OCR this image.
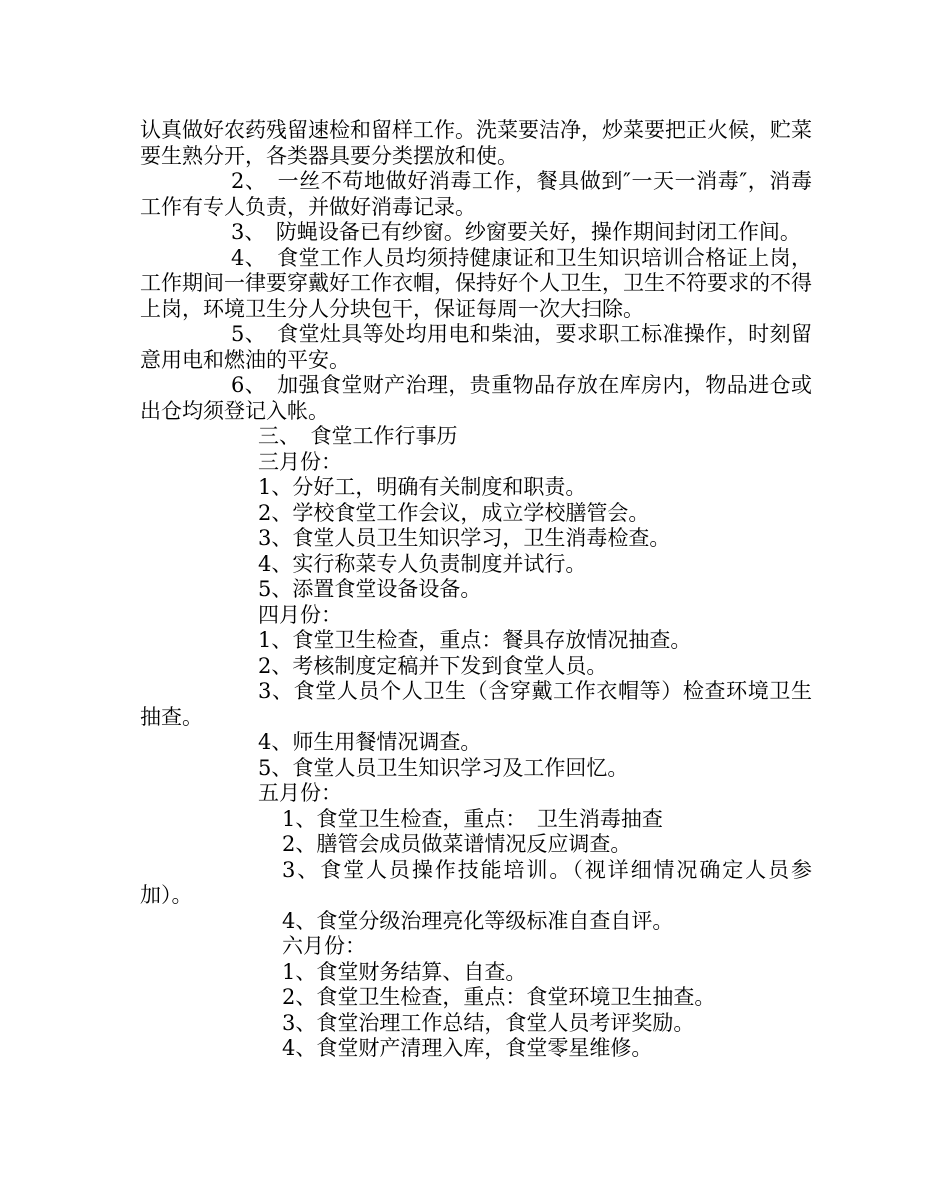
认真做好农药残留速检和留样工作。洗菜要洁净，炒菜要把正火候，贮菜要生熟分开，各类器具要分类摆放和使。

2、　一丝不苟地做好消毒工作，餐具做到″一天一消毒″，消毒工作有专人负责，并做好消毒记录。

3、　防蝇设备已有纱窗。纱窗要关好，操作期间封闭工作间。

4、　食堂工作人员均须持健康证和卫生知识培训合格证上岗，工作期间一律要穿戴好工作衣帽，保持好个人卫生，卫生不符要求的不得上岗，环境卫生分人分块包干，保证每周一次大扫除。

5、　食堂灶具等处均用电和柴油，要求职工标准操作，时刻留意用电和燃油的平安。

6、　加强食堂财产治理，贵重物品存放在库房内，物品进仓或出仓均须登记入帐。

三、　食堂工作行事历

三月份：

1、分好工，明确有关制度和职责。

2、学校食堂工作会议，成立学校膳管会。

3、食堂人员卫生知识学习，卫生消毒检查。

4、实行称菜专人负责制度并试行。

5、添置食堂设备设备。

四月份：

1、食堂卫生检查，重点：餐具存放情况抽查。

2、考核制度定稿并下发到食堂人员。

3、食堂人员个人卫生（含穿戴工作衣帽等）检查环境卫生抽查。

4、师生用餐情况调查。

5、食堂人员卫生知识学习及工作回忆。

五月份：

1、食堂卫生检查，重点：　卫生消毒抽查

2、膳管会成员做菜谱情况反应调查。

3、食堂人员操作技能培训。（视详细情况确定人员参加）。

4、食堂分级治理亮化等级标准自查自评。

六月份：

1、食堂财务结算、自查。

2、食堂卫生检查，重点：食堂环境卫生抽查。

3、食堂治理工作总结，食堂人员考评奖励。

4、食堂财产清理入库，食堂零星维修。
